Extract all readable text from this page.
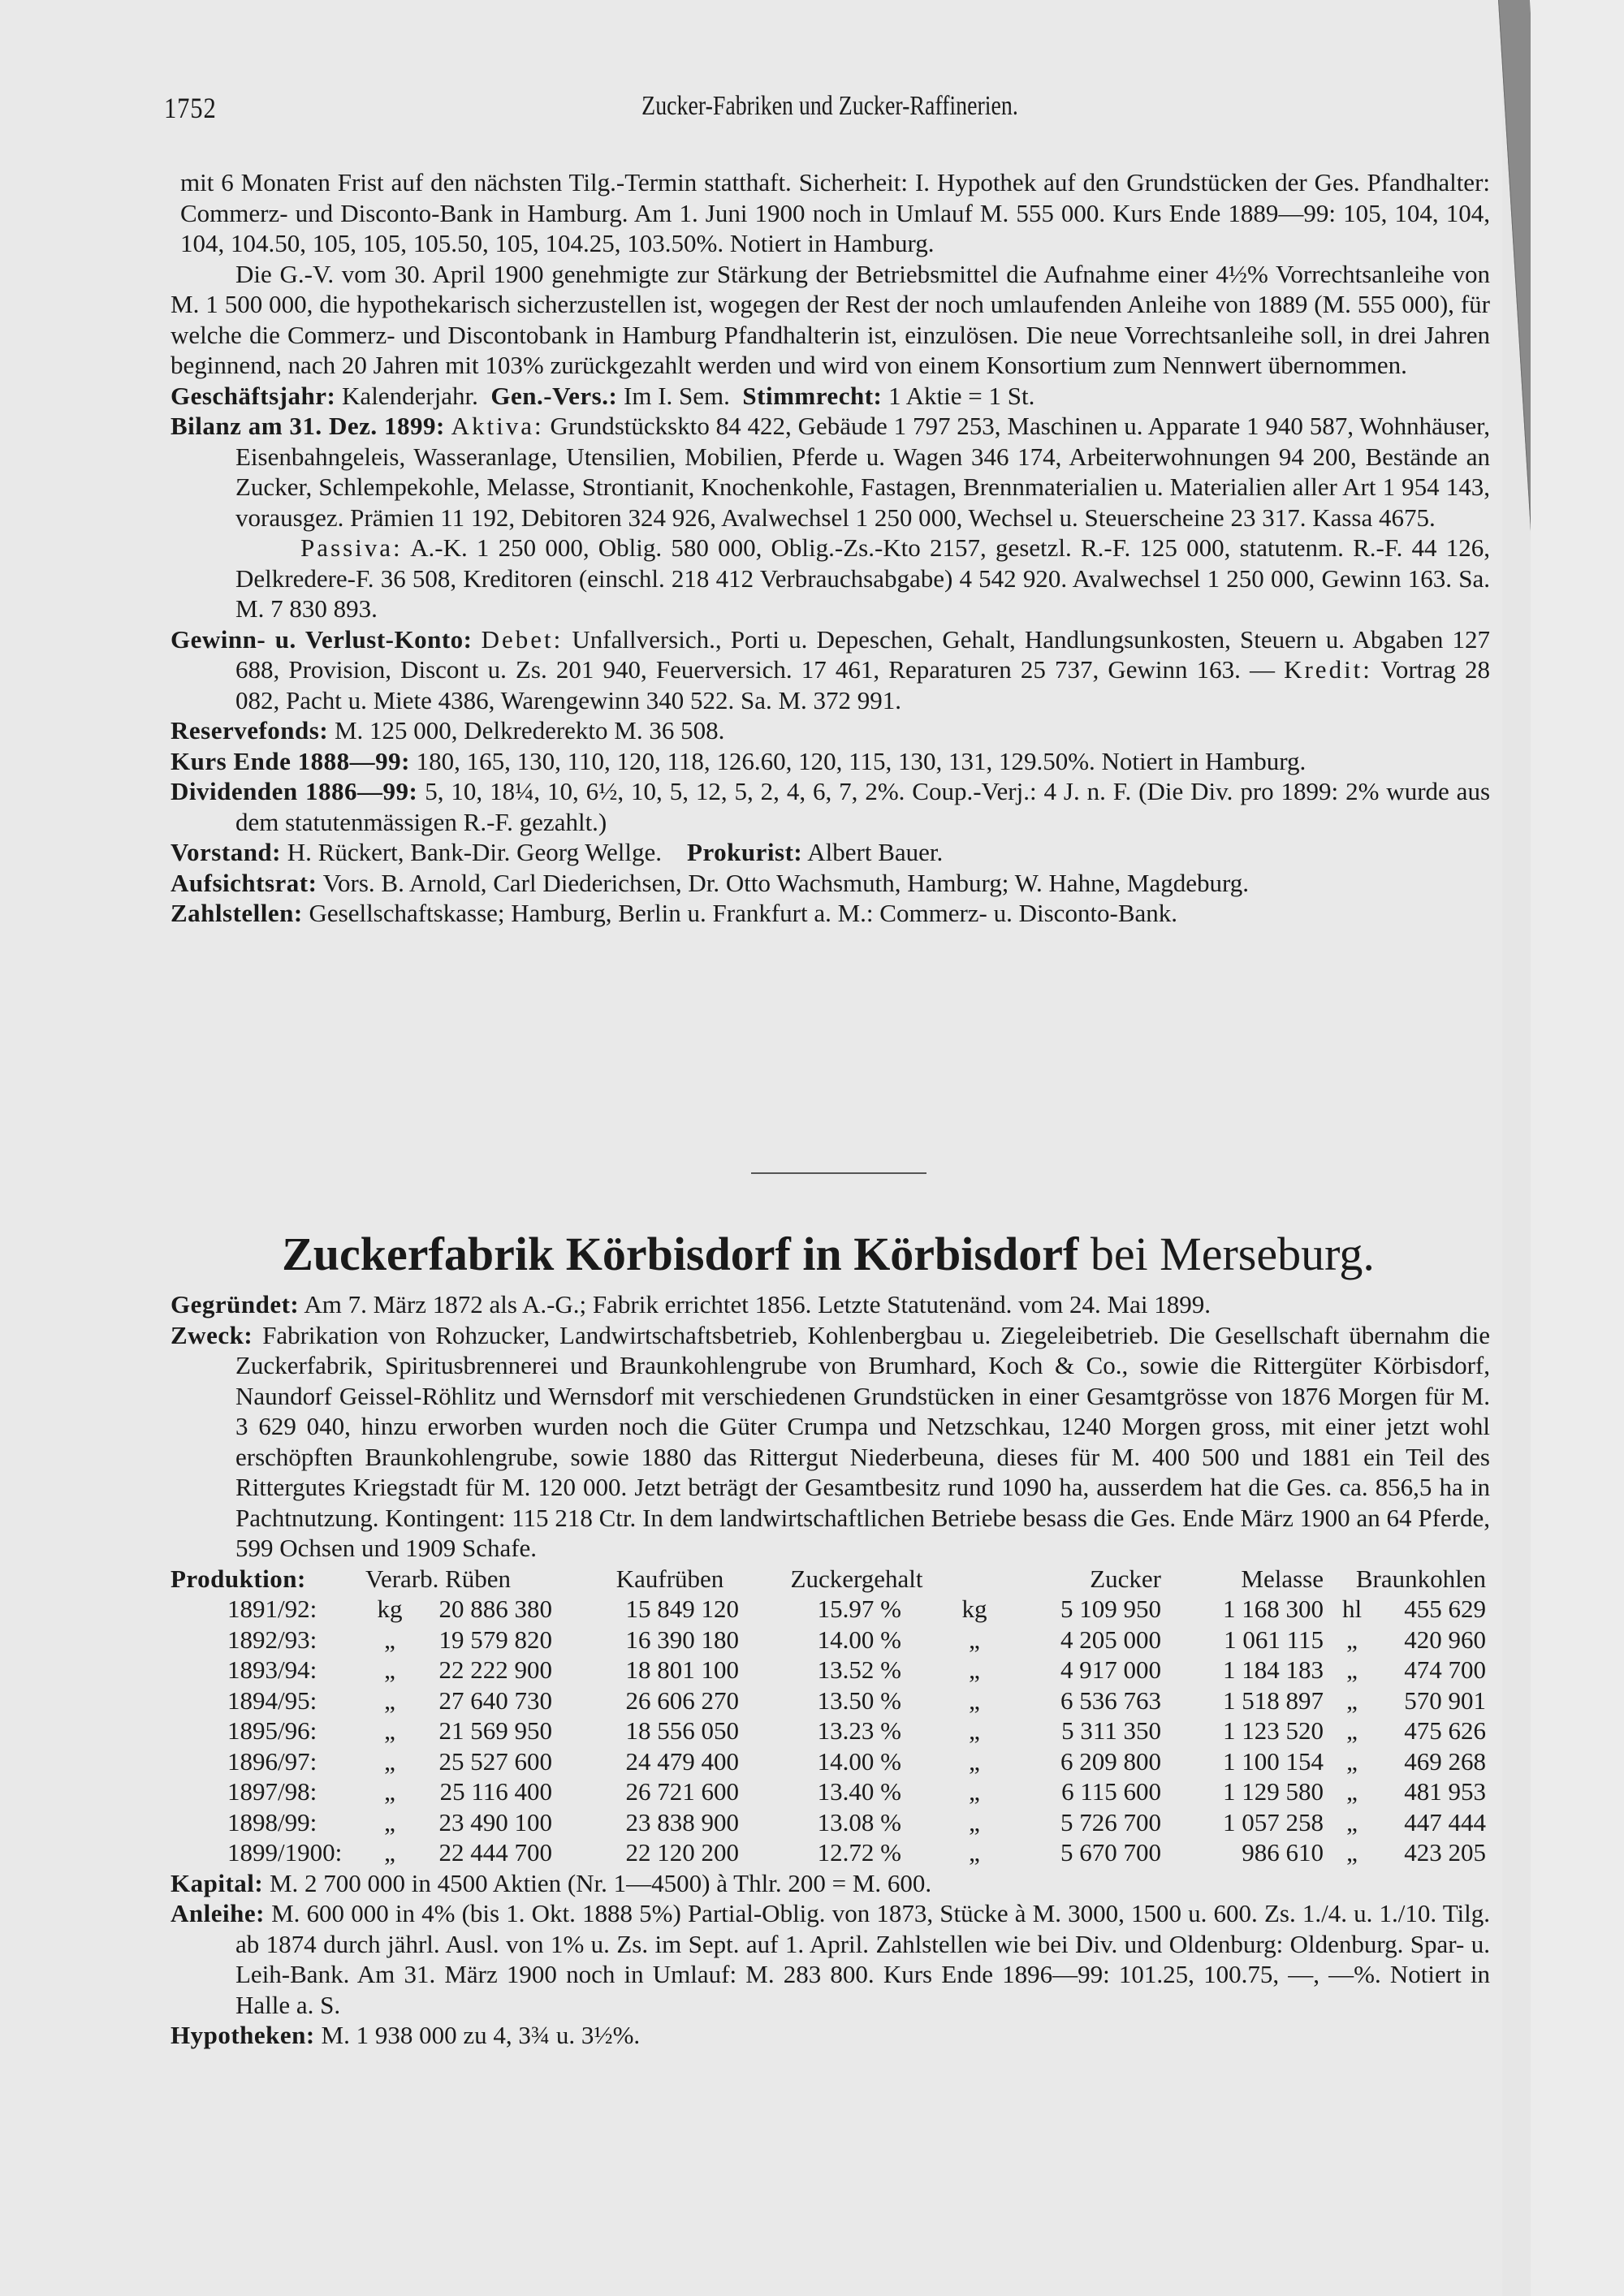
1752	Zucker-Fabriken und Zucker-Raffinerien.

mit 6 Monaten Frist auf den nächsten Tilg.-Termin statthaft. Sicherheit: I. Hypothek auf den Grundstücken der Ges. Pfandhalter: Commerz- und Disconto-Bank in Hamburg. Am 1. Juni 1900 noch in Umlauf M. 555 000. Kurs Ende 1889—99: 105, 104, 104, 104, 104.50, 105, 105, 105.50, 105, 104.25, 103.50%. Notiert in Hamburg.

Die G.-V. vom 30. April 1900 genehmigte zur Stärkung der Betriebsmittel die Aufnahme einer 4½% Vorrechtsanleihe von M. 1 500 000, die hypothekarisch sicherzustellen ist, wogegen der Rest der noch umlaufenden Anleihe von 1889 (M. 555 000), für welche die Commerz- und Discontobank in Hamburg Pfandhalterin ist, einzulösen. Die neue Vorrechtsanleihe soll, in drei Jahren beginnend, nach 20 Jahren mit 103% zurückgezahlt werden und wird von einem Konsortium zum Nennwert übernommen.

Geschäftsjahr: Kalenderjahr. Gen.-Vers.: Im I. Sem. Stimmrecht: 1 Aktie = 1 St.

Bilanz am 31. Dez. 1899: Aktiva: Grundstückskto 84 422, Gebäude 1 797 253, Maschinen u. Apparate 1 940 587, Wohnhäuser, Eisenbahngeleis, Wasseranlage, Utensilien, Mobilien, Pferde u. Wagen 346 174, Arbeiterwohnungen 94 200, Bestände an Zucker, Schlempekohle, Melasse, Strontianit, Knochenkohle, Fastagen, Brennmaterialien u. Materialien aller Art 1 954 143, vorausgez. Prämien 11 192, Debitoren 324 926, Avalwechsel 1 250 000, Wechsel u. Steuerscheine 23 317. Kassa 4675.

Passiva: A.-K. 1 250 000, Oblig. 580 000, Oblig.-Zs.-Kto 2157, gesetzl. R.-F. 125 000, statutenm. R.-F. 44 126, Delkredere-F. 36 508, Kreditoren (einschl. 218 412 Verbrauchsabgabe) 4 542 920. Avalwechsel 1 250 000, Gewinn 163. Sa. M. 7 830 893.

Gewinn- u. Verlust-Konto: Debet: Unfallversich., Porti u. Depeschen, Gehalt, Handlungsunkosten, Steuern u. Abgaben 127 688, Provision, Discont u. Zs. 201 940, Feuerversich. 17 461, Reparaturen 25 737, Gewinn 163. — Kredit: Vortrag 28 082, Pacht u. Miete 4386, Warengewinn 340 522. Sa. M. 372 991.

Reservefonds: M. 125 000, Delkrederekto M. 36 508.

Kurs Ende 1888—99: 180, 165, 130, 110, 120, 118, 126.60, 120, 115, 130, 131, 129.50%. Notiert in Hamburg.

Dividenden 1886—99: 5, 10, 18¼, 10, 6½, 10, 5, 12, 5, 2, 4, 6, 7, 2%. Coup.-Verj.: 4 J. n. F. (Die Div. pro 1899: 2% wurde aus dem statutenmässigen R.-F. gezahlt.)

Vorstand: H. Rückert, Bank-Dir. Georg Wellge. Prokurist: Albert Bauer.

Aufsichtsrat: Vors. B. Arnold, Carl Diederichsen, Dr. Otto Wachsmuth, Hamburg; W. Hahne, Magdeburg.

Zahlstellen: Gesellschaftskasse; Hamburg, Berlin u. Frankfurt a. M.: Commerz- u. Disconto-Bank.

Zuckerfabrik Körbisdorf in Körbisdorf bei Merseburg.

Gegründet: Am 7. März 1872 als A.-G.; Fabrik errichtet 1856. Letzte Statutenänd. vom 24. Mai 1899.

Zweck: Fabrikation von Rohzucker, Landwirtschaftsbetrieb, Kohlenbergbau u. Ziegeleibetrieb. Die Gesellschaft übernahm die Zuckerfabrik, Spiritusbrennerei und Braunkohlengrube von Brumhard, Koch & Co., sowie die Rittergüter Körbisdorf, Naundorf Geissel-Röhlitz und Wernsdorf mit verschiedenen Grundstücken in einer Gesamtgrösse von 1876 Morgen für M. 3 629 040, hinzu erworben wurden noch die Güter Crumpa und Netzschkau, 1240 Morgen gross, mit einer jetzt wohl erschöpften Braunkohlengrube, sowie 1880 das Rittergut Niederbeuna, dieses für M. 400 500 und 1881 ein Teil des Rittergutes Kriegstadt für M. 120 000. Jetzt beträgt der Gesamtbesitz rund 1090 ha, ausserdem hat die Ges. ca. 856,5 ha in Pachtnutzung. Kontingent: 115 218 Ctr. In dem landwirtschaftlichen Betriebe besass die Ges. Ende März 1900 an 64 Pferde, 599 Ochsen und 1909 Schafe.

Produktion:	Verarb. Rüben		Kaufrüben	Zuckergehalt	Zucker		Melasse	Braunkohlen	
1891/92:	kg	20 886 380	15 849 120	15.97 %	kg	5 109 950	1 168 300	hl	455 629
1892/93:	„	19 579 820	16 390 180	14.00 %	„	4 205 000	1 061 115	„	420 960
1893/94:	„	22 222 900	18 801 100	13.52 %	„	4 917 000	1 184 183	„	474 700
1894/95:	„	27 640 730	26 606 270	13.50 %	„	6 536 763	1 518 897	„	570 901
1895/96:	„	21 569 950	18 556 050	13.23 %	„	5 311 350	1 123 520	„	475 626
1896/97:	„	25 527 600	24 479 400	14.00 %	„	6 209 800	1 100 154	„	469 268
1897/98:	„	25 116 400	26 721 600	13.40 %	„	6 115 600	1 129 580	„	481 953
1898/99:	„	23 490 100	23 838 900	13.08 %	„	5 726 700	1 057 258	„	447 444
1899/1900:	„	22 444 700	22 120 200	12.72 %	„	5 670 700	986 610	„	423 205

Kapital: M. 2 700 000 in 4500 Aktien (Nr. 1—4500) à Thlr. 200 = M. 600.

Anleihe: M. 600 000 in 4% (bis 1. Okt. 1888 5%) Partial-Oblig. von 1873, Stücke à M. 3000, 1500 u. 600. Zs. 1./4. u. 1./10. Tilg. ab 1874 durch jährl. Ausl. von 1% u. Zs. im Sept. auf 1. April. Zahlstellen wie bei Div. und Oldenburg: Oldenburg. Spar- u. Leih-Bank. Am 31. März 1900 noch in Umlauf: M. 283 800. Kurs Ende 1896—99: 101.25, 100.75, —, —%. Notiert in Halle a. S.

Hypotheken: M. 1 938 000 zu 4, 3¾ u. 3½%.
